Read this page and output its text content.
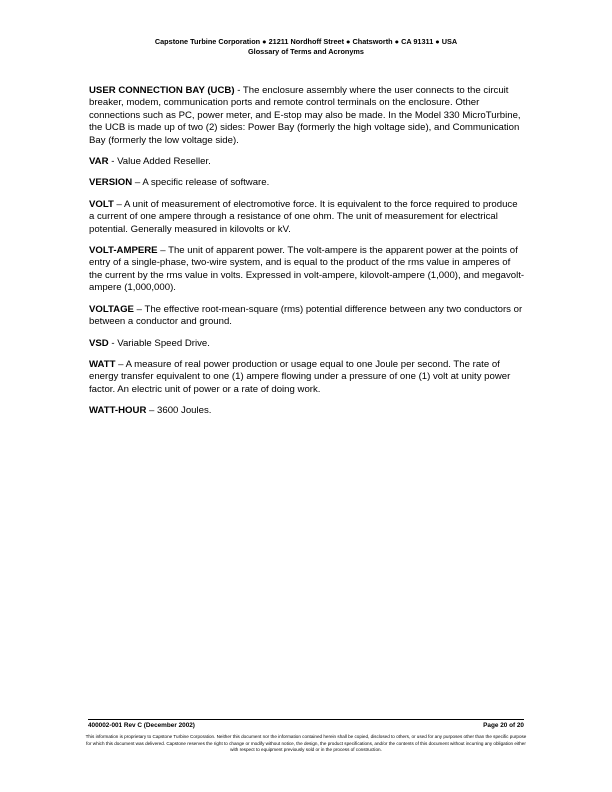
Capstone Turbine Corporation ● 21211 Nordhoff Street ● Chatsworth ● CA 91311 ● USA
Glossary of Terms and Acronyms

USER CONNECTION BAY (UCB) - The enclosure assembly where the user connects to the circuit breaker, modem, communication ports and remote control terminals on the enclosure. Other connections such as PC, power meter, and E-stop may also be made. In the Model 330 MicroTurbine, the UCB is made up of two (2) sides: Power Bay (formerly the high voltage side), and Communication Bay (formerly the low voltage side).

VAR - Value Added Reseller.

VERSION – A specific release of software.

VOLT – A unit of measurement of electromotive force. It is equivalent to the force required to produce a current of one ampere through a resistance of one ohm. The unit of measurement for electrical potential. Generally measured in kilovolts or kV.

VOLT-AMPERE – The unit of apparent power. The volt-ampere is the apparent power at the points of entry of a single-phase, two-wire system, and is equal to the product of the rms value in amperes of the current by the rms value in volts. Expressed in volt-ampere, kilovolt-ampere (1,000), and megavolt-ampere (1,000,000).

VOLTAGE – The effective root-mean-square (rms) potential difference between any two conductors or between a conductor and ground.

VSD - Variable Speed Drive.

WATT – A measure of real power production or usage equal to one Joule per second. The rate of energy transfer equivalent to one (1) ampere flowing under a pressure of one (1) volt at unity power factor. An electric unit of power or a rate of doing work.

WATT-HOUR – 3600 Joules.

400002-001 Rev C (December 2002)	Page 20 of 20
This information is proprietary to Capstone Turbine Corporation. Neither this document nor the information contained herein shall be copied, disclosed to others, or used for any purposes other than the specific purpose for which this document was delivered. Capstone reserves the right to change or modify without notice, the design, the product specifications, and/or the contents of this document without incurring any obligation either with respect to equipment previously sold or in the process of construction.
